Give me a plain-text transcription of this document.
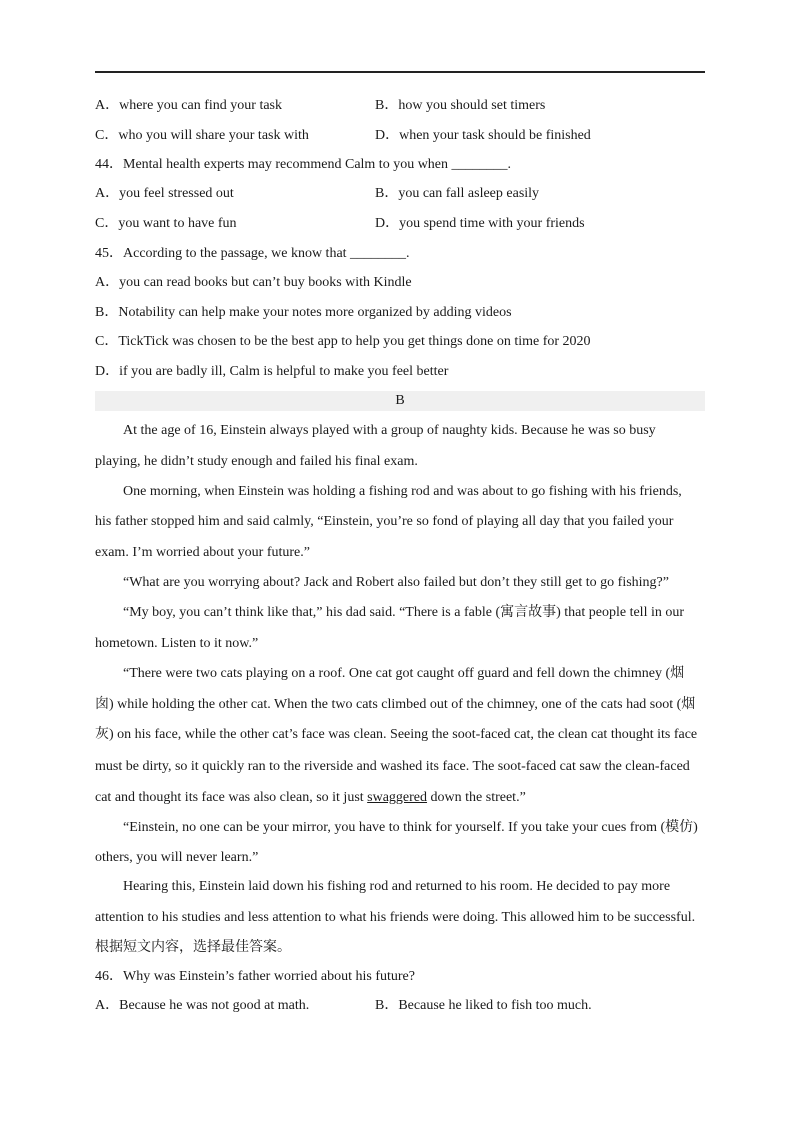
A．where you can find your task	B．how you should set timers
C．who you will share your task with	D．when your task should be finished
44．Mental health experts may recommend Calm to you when ________.
A．you feel stressed out	B．you can fall asleep easily
C．you want to have fun	D．you spend time with your friends
45．According to the passage, we know that ________.
A．you can read books but can’t buy books with Kindle
B．Notability can help make your notes more organized by adding videos
C．TickTick was chosen to be the best app to help you get things done on time for 2020
D．if you are badly ill, Calm is helpful to make you feel better
B
At the age of 16, Einstein always played with a group of naughty kids. Because he was so busy
playing, he didn’t study enough and failed his final exam.
One morning, when Einstein was holding a fishing rod and was about to go fishing with his friends,
his father stopped him and said calmly, “Einstein, you’re so fond of playing all day that you failed your
exam. I’m worried about your future.”
“What are you worrying about? Jack and Robert also failed but don’t they still get to go fishing?”
“My boy, you can’t think like that,” his dad said. “There is a fable (寓言故事) that people tell in our
hometown. Listen to it now.”
“There were two cats playing on a roof. One cat got caught off guard and fell down the chimney (烟
囱) while holding the other cat. When the two cats climbed out of the chimney, one of the cats had soot (烟
灰) on his face, while the other cat’s face was clean. Seeing the soot-faced cat, the clean cat thought its face
must be dirty, so it quickly ran to the riverside and washed its face. The soot-faced cat saw the clean-faced
cat and thought its face was also clean, so it just swaggered down the street.”
“Einstein, no one can be your mirror, you have to think for yourself. If you take your cues from (模仿)
others, you will never learn.”
Hearing this, Einstein laid down his fishing rod and returned to his room. He decided to pay more
attention to his studies and less attention to what his friends were doing. This allowed him to be successful.
根据短文内容，选择最佳答案。
46．Why was Einstein’s father worried about his future?
A．Because he was not good at math.	B．Because he liked to fish too much.
